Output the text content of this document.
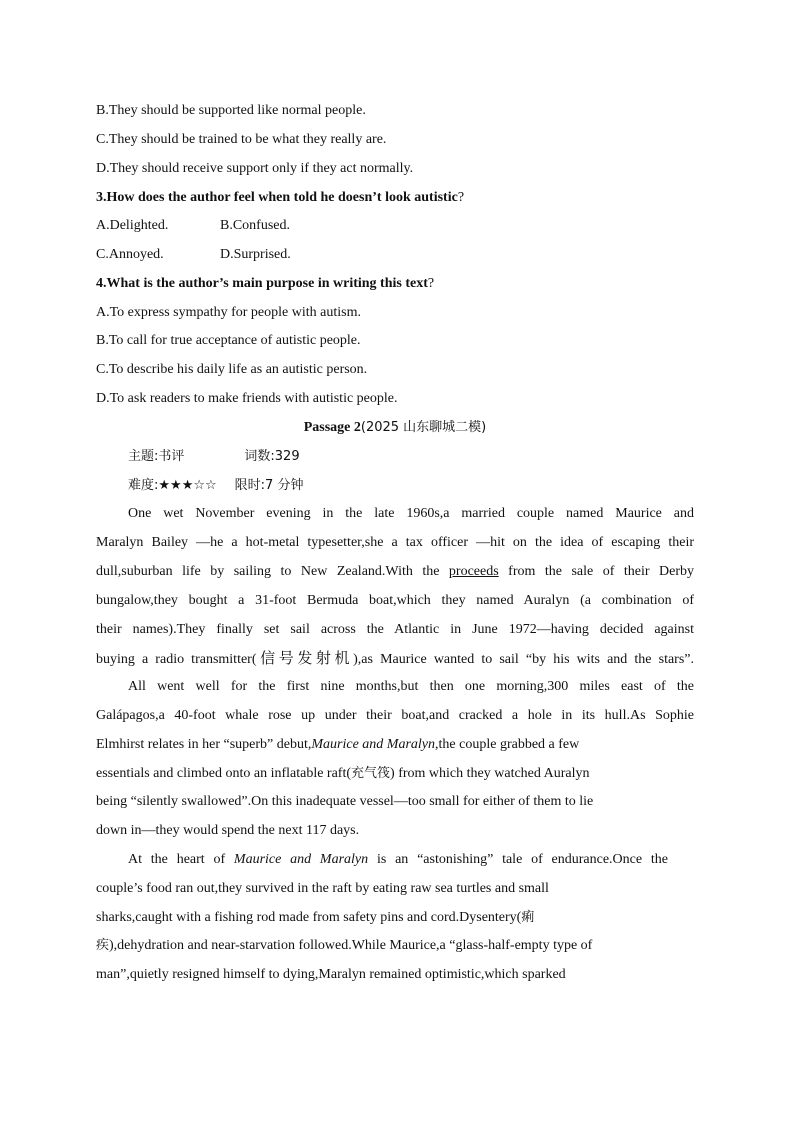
B.They should be supported like normal people.
C.They should be trained to be what they really are.
D.They should receive support only if they act normally.
3.How does the author feel when told he doesn’t look autistic?
A.Delighted.	B.Confused.
C.Annoyed.	D.Surprised.
4.What is the author’s main purpose in writing this text?
A.To express sympathy for people with autism.
B.To call for true acceptance of autistic people.
C.To describe his daily life as an autistic person.
D.To ask readers to make friends with autistic people.
Passage 2(2025 山东聊城二模)
主题:书评	词数:329
难度:★★★☆☆ 限时:7 分钟
One wet November evening in the late 1960s,a married couple named Maurice and
Maralyn Bailey —he a hot-metal typesetter,she a tax officer —hit on the idea of escaping their
dull,suburban life by sailing to New Zealand.With the proceeds from the sale of their Derby
bungalow,they bought a 31-foot Bermuda boat,which they named Auralyn (a combination of
their names).They finally set sail across the Atlantic in June 1972—having decided against
buying a radio transmitter(信号发射机),as Maurice wanted to sail “by his wits and the stars”.
All went well for the first nine months,but then one morning,300 miles east of the
Galápagos,a 40-foot whale rose up under their boat,and cracked a hole in its hull.As Sophie
Elmhirst relates in her “superb” debut,Maurice and Maralyn,the couple grabbed a few
essentials and climbed onto an inflatable raft(充气筏) from which they watched Auralyn
being “silently swallowed”.On this inadequate vessel—too small for either of them to lie
down in—they would spend the next 117 days.
At the heart of Maurice and Maralyn is an “astonishing” tale of endurance.Once the
couple’s food ran out,they survived in the raft by eating raw sea turtles and small
sharks,caught with a fishing rod made from safety pins and cord.Dysentery(痢
疾),dehydration and near-starvation followed.While Maurice,a “glass-half-empty type of
man”,quietly resigned himself to dying,Maralyn remained optimistic,which sparked
